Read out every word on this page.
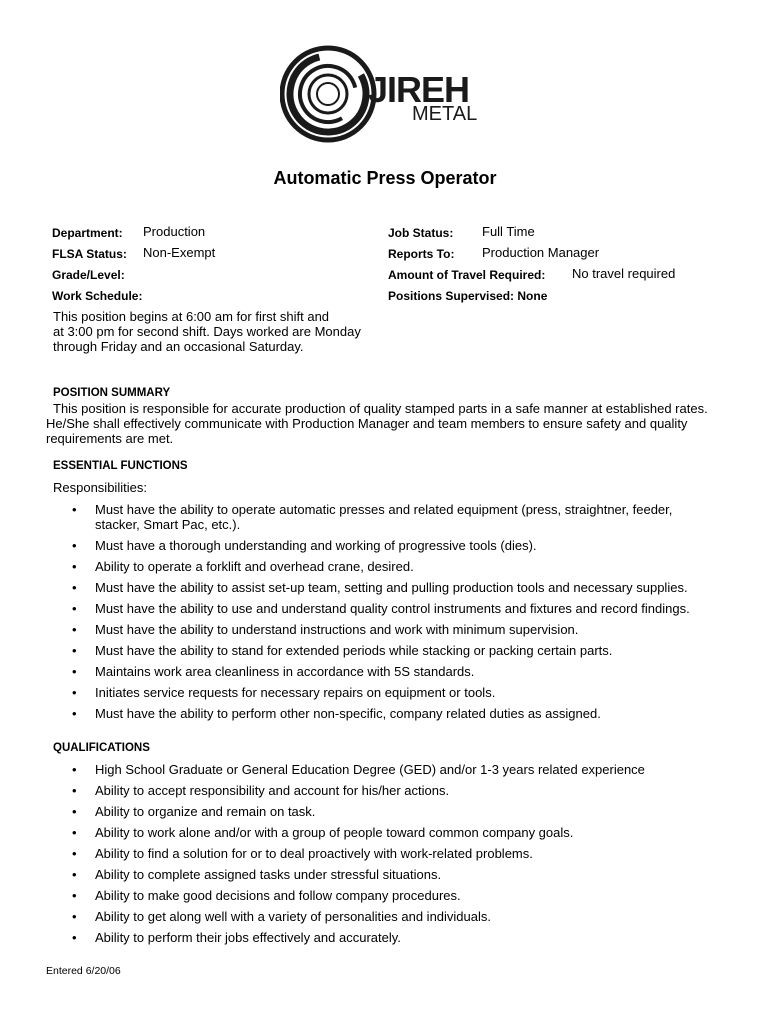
JIREH
METAL
Automatic Press Operator
Department: Production	Job Status: Full Time
FLSA Status: Non-Exempt	Reports To: Production Manager
Grade/Level:	Amount of Travel Required: No travel required
Work Schedule:	Positions Supervised: None
This position begins at 6:00 am for first shift and
at 3:00 pm for second shift. Days worked are Monday
through Friday and an occasional Saturday.
POSITION SUMMARY
This position is responsible for accurate production of quality stamped parts in a safe manner at established rates.
He/She shall effectively communicate with Production Manager and team members to ensure safety and quality
requirements are met.
ESSENTIAL FUNCTIONS
Responsibilities:
• Must have the ability to operate automatic presses and related equipment (press, straightner, feeder, stacker, Smart Pac, etc.).
• Must have a thorough understanding and working of progressive tools (dies).
• Ability to operate a forklift and overhead crane, desired.
• Must have the ability to assist set-up team, setting and pulling production tools and necessary supplies.
• Must have the ability to use and understand quality control instruments and fixtures and record findings.
• Must have the ability to understand instructions and work with minimum supervision.
• Must have the ability to stand for extended periods while stacking or packing certain parts.
• Maintains work area cleanliness in accordance with 5S standards.
• Initiates service requests for necessary repairs on equipment or tools.
• Must have the ability to perform other non-specific, company related duties as assigned.
QUALIFICATIONS
• High School Graduate or General Education Degree (GED) and/or 1-3 years related experience
• Ability to accept responsibility and account for his/her actions.
• Ability to organize and remain on task.
• Ability to work alone and/or with a group of people toward common company goals.
• Ability to find a solution for or to deal proactively with work-related problems.
• Ability to complete assigned tasks under stressful situations.
• Ability to make good decisions and follow company procedures.
• Ability to get along well with a variety of personalities and individuals.
• Ability to perform their jobs effectively and accurately.
Entered 6/20/06
